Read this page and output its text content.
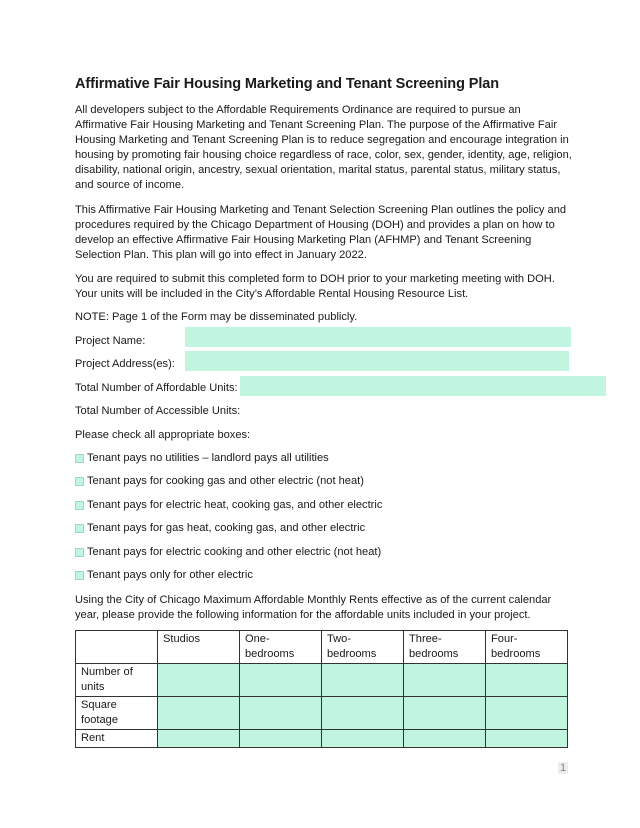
Affirmative Fair Housing Marketing and Tenant Screening Plan

All developers subject to the Affordable Requirements Ordinance are required to pursue an Affirmative Fair Housing Marketing and Tenant Screening Plan. The purpose of the Affirmative Fair Housing Marketing and Tenant Screening Plan is to reduce segregation and encourage integration in housing by promoting fair housing choice regardless of race, color, sex, gender, identity, age, religion, disability, national origin, ancestry, sexual orientation, marital status, parental status, military status, and source of income.

This Affirmative Fair Housing Marketing and Tenant Selection Screening Plan outlines the policy and procedures required by the Chicago Department of Housing (DOH) and provides a plan on how to develop an effective Affirmative Fair Housing Marketing Plan (AFHMP) and Tenant Screening Selection Plan. This plan will go into effect in January 2022.

You are required to submit this completed form to DOH prior to your marketing meeting with DOH. Your units will be included in the City’s Affordable Rental Housing Resource List.

NOTE: Page 1 of the Form may be disseminated publicly.

Project Name:
Project Address(es):
Total Number of Affordable Units:
Total Number of Accessible Units:
Please check all appropriate boxes:
Tenant pays no utilities – landlord pays all utilities
Tenant pays for cooking gas and other electric (not heat)
Tenant pays for electric heat, cooking gas, and other electric
Tenant pays for gas heat, cooking gas, and other electric
Tenant pays for electric cooking and other electric (not heat)
Tenant pays only for other electric

Using the City of Chicago Maximum Affordable Monthly Rents effective as of the current calendar year, please provide the following information for the affordable units included in your project.

	Studios	One-bedrooms	Two-bedrooms	Three-bedrooms	Four-bedrooms
Number of units					
Square footage					
Rent					
1
